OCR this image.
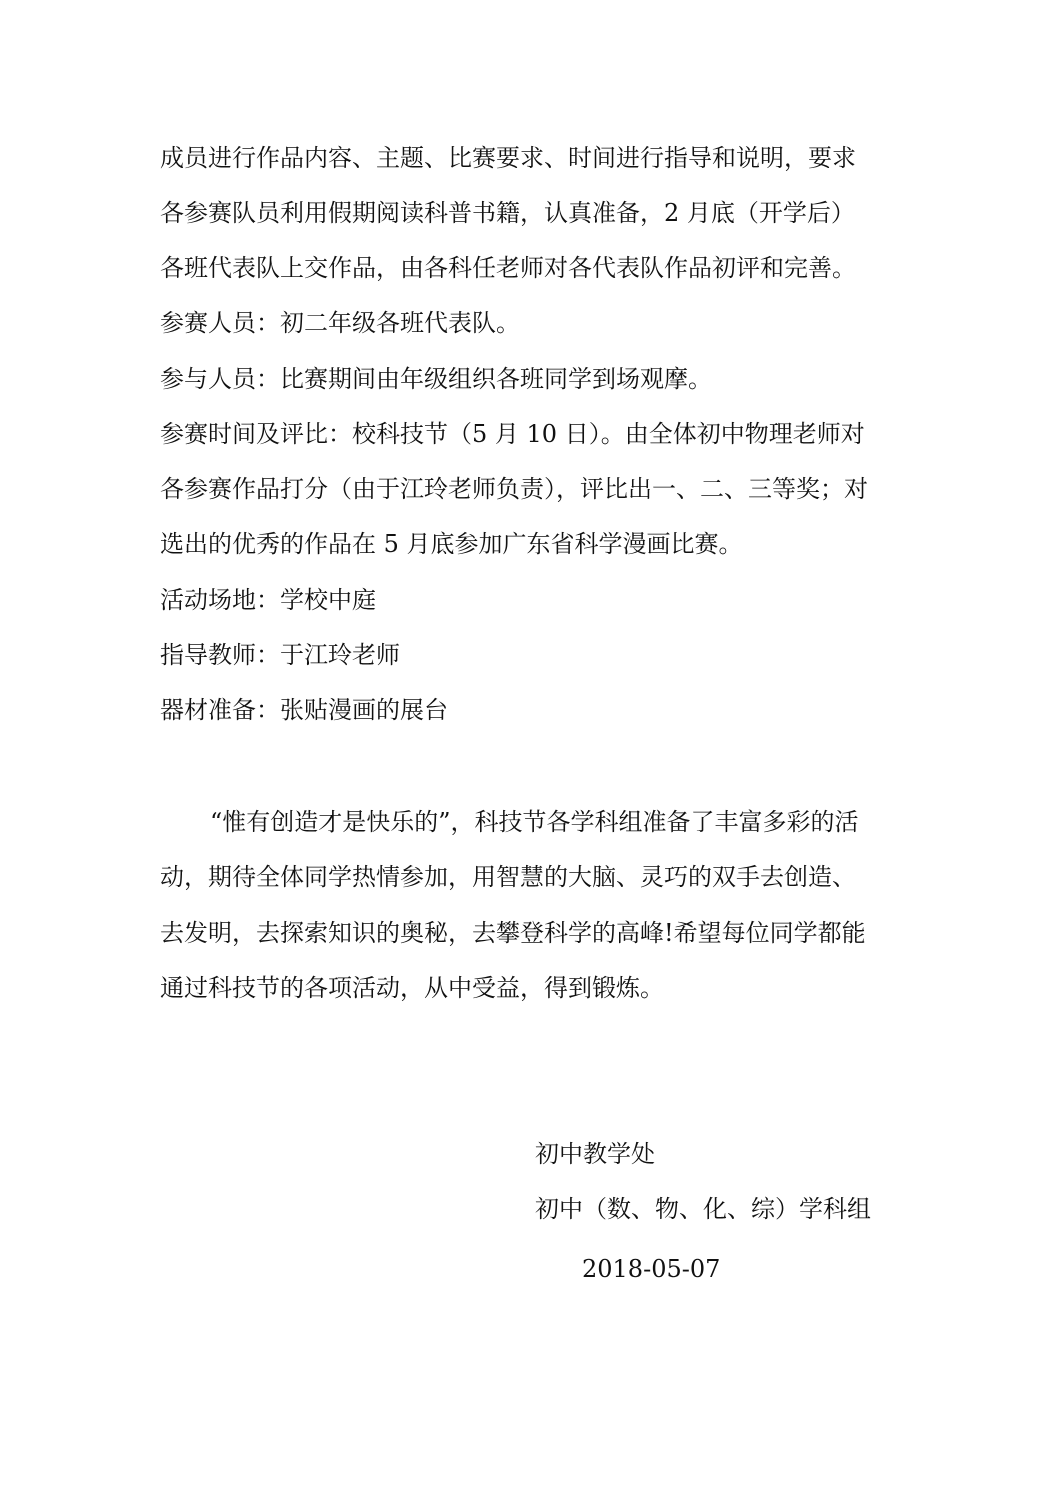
成员进行作品内容、主题、比赛要求、时间进行指导和说明，要求
各参赛队员利用假期阅读科普书籍，认真准备，2 月底（开学后）
各班代表队上交作品，由各科任老师对各代表队作品初评和完善。
参赛人员：初二年级各班代表队。
参与人员：比赛期间由年级组织各班同学到场观摩。
参赛时间及评比：校科技节（5 月 10 日）。由全体初中物理老师对
各参赛作品打分（由于江玲老师负责），评比出一、二、三等奖；对
选出的优秀的作品在 5 月底参加广东省科学漫画比赛。
活动场地：学校中庭
指导教师：于江玲老师
器材准备：张贴漫画的展台
“惟有创造才是快乐的”，科技节各学科组准备了丰富多彩的活
动，期待全体同学热情参加，用智慧的大脑、灵巧的双手去创造、
去发明，去探索知识的奥秘，去攀登科学的高峰!希望每位同学都能
通过科技节的各项活动，从中受益，得到锻炼。
初中教学处
初中（数、物、化、综）学科组
2018-05-07
